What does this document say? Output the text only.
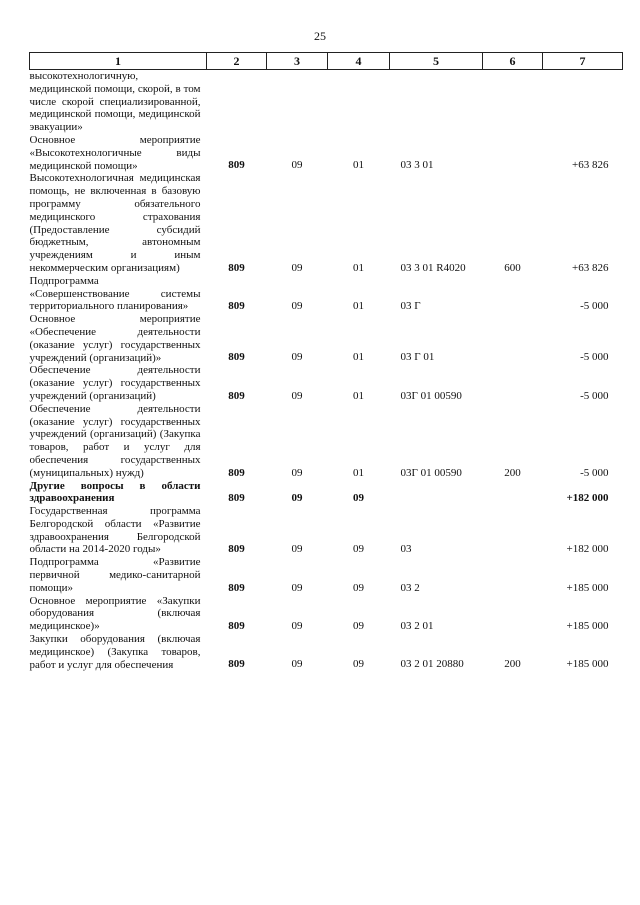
25
1	2	3	4	5	6	7
высокотехнологичную, медицинской помощи, скорой, в том числе скорой специализированной, медицинской помощи, медицинской эвакуации»						
Основное мероприятие «Высокотехнологичные виды медицинской помощи»	809	09	01	03 3 01		+63 826
Высокотехнологичная медицинская помощь, не включенная в базовую программу обязательного медицинского страхования (Предоставление субсидий бюджетным, автономным учреждениям и иным некоммерческим организациям)	809	09	01	03 3 01 R4020	600	+63 826
Подпрограмма «Совершенствование системы территориального планирования»	809	09	01	03 Г		-5 000
Основное мероприятие «Обеспечение деятельности (оказание услуг) государственных учреждений (организаций)»	809	09	01	03 Г 01		-5 000
Обеспечение деятельности (оказание услуг) государственных учреждений (организаций)	809	09	01	03Г 01 00590		-5 000
Обеспечение деятельности (оказание услуг) государственных учреждений (организаций) (Закупка товаров, работ и услуг для обеспечения государственных (муниципальных) нужд)	809	09	01	03Г 01 00590	200	-5 000
Другие вопросы в области здравоохранения	809	09	09			+182 000
Государственная программа Белгородской области «Развитие здравоохранения Белгородской области на 2014-2020 годы»	809	09	09	03		+182 000
Подпрограмма «Развитие первичной медико-санитарной помощи»	809	09	09	03 2		+185 000
Основное мероприятие «Закупки оборудования (включая медицинское)»	809	09	09	03 2 01		+185 000
Закупки оборудования (включая медицинское) (Закупка товаров, работ и услуг для обеспечения	809	09	09	03 2 01 20880	200	+185 000
